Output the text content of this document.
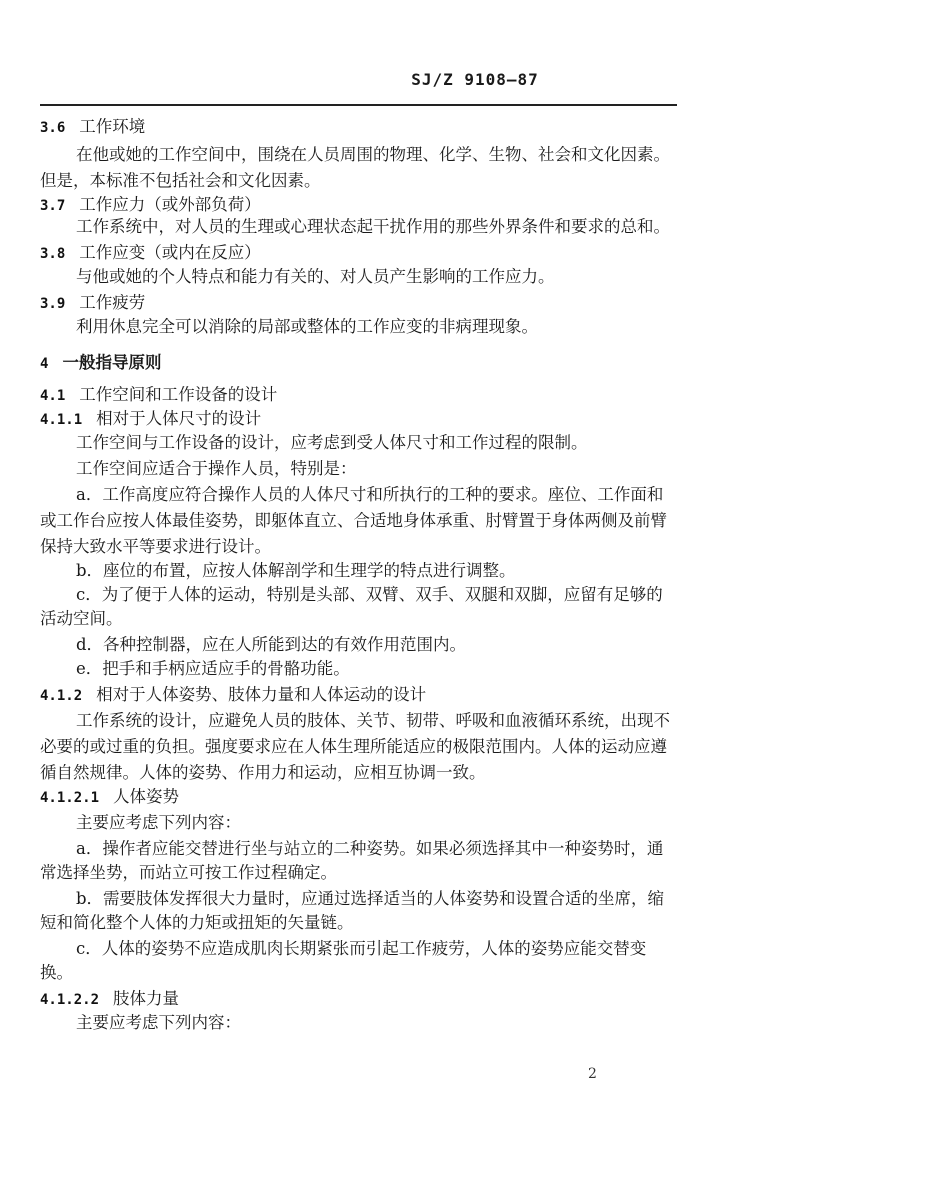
SJ/Z 9108—87
3.6 工作环境
在他或她的工作空间中，围绕在人员周围的物理、化学、生物、社会和文化因素。
但是，本标准不包括社会和文化因素。
3.7 工作应力（或外部负荷）
工作系统中，对人员的生理或心理状态起干扰作用的那些外界条件和要求的总和。
3.8 工作应变（或内在反应）
与他或她的个人特点和能力有关的、对人员产生影响的工作应力。
3.9 工作疲劳
利用休息完全可以消除的局部或整体的工作应变的非病理现象。
4 一般指导原则
4.1 工作空间和工作设备的设计
4.1.1 相对于人体尺寸的设计
工作空间与工作设备的设计，应考虑到受人体尺寸和工作过程的限制。
工作空间应适合于操作人员，特别是：
a．工作高度应符合操作人员的人体尺寸和所执行的工种的要求。座位、工作面和
或工作台应按人体最佳姿势，即躯体直立、合适地身体承重、肘臂置于身体两侧及前臂
保持大致水平等要求进行设计。
b．座位的布置，应按人体解剖学和生理学的特点进行调整。
c．为了便于人体的运动，特别是头部、双臂、双手、双腿和双脚，应留有足够的
活动空间。
d．各种控制器，应在人所能到达的有效作用范围内。
e．把手和手柄应适应手的骨骼功能。
4.1.2 相对于人体姿势、肢体力量和人体运动的设计
工作系统的设计，应避免人员的肢体、关节、韧带、呼吸和血液循环系统，出现不
必要的或过重的负担。强度要求应在人体生理所能适应的极限范围内。人体的运动应遵
循自然规律。人体的姿势、作用力和运动，应相互协调一致。
4.1.2.1 人体姿势
主要应考虑下列内容：
a．操作者应能交替进行坐与站立的二种姿势。如果必须选择其中一种姿势时，通
常选择坐势，而站立可按工作过程确定。
b．需要肢体发挥很大力量时，应通过选择适当的人体姿势和设置合适的坐席，缩
短和简化整个人体的力矩或扭矩的矢量链。
c．人体的姿势不应造成肌肉长期紧张而引起工作疲劳，人体的姿势应能交替变
换。
4.1.2.2 肢体力量
主要应考虑下列内容：
2
